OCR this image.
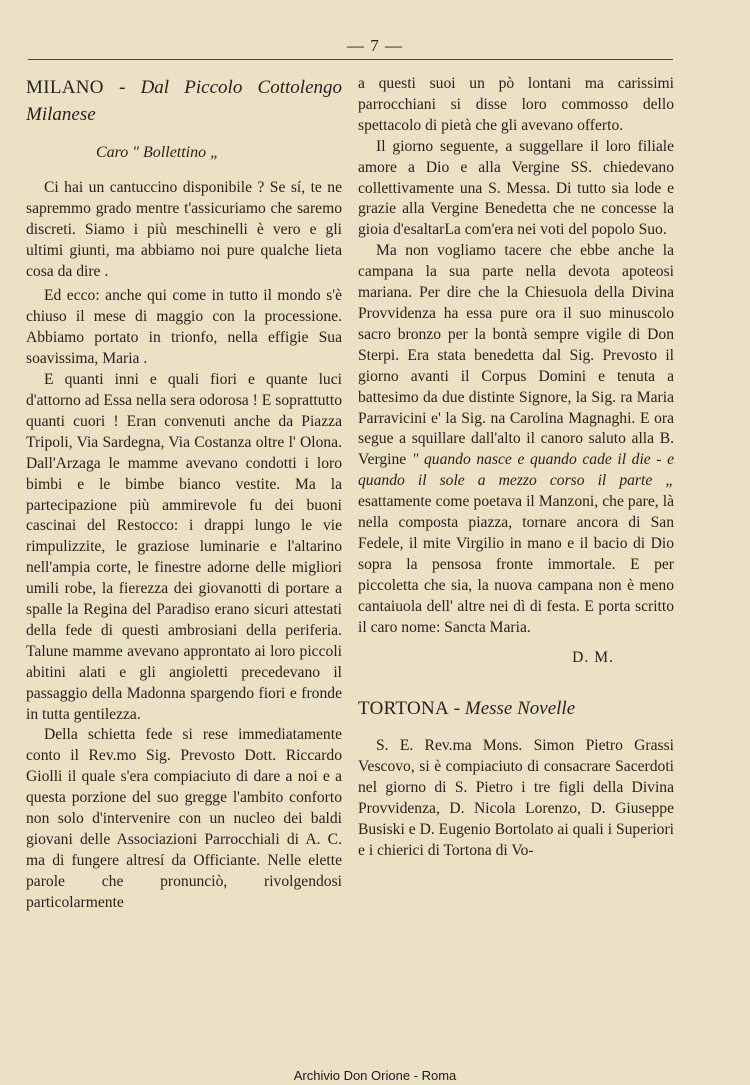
— 7 —

MILANO - Dal Piccolo Cottolengo Milanese

Caro " Bollettino „

Ci hai un cantuccino disponibile ? Se sí, te ne sapremmo grado mentre t'assicuriamo che saremo discreti. Siamo i più meschinelli è vero e gli ultimi giunti, ma abbiamo noi pure qualche lieta cosa da dire .

Ed ecco: anche qui come in tutto il mondo s'è chiuso il mese di maggio con la processione. Abbiamo portato in trionfo, nella effigie Sua soavissima, Maria .

E quanti inni e quali fiori e quante luci d'attorno ad Essa nella sera odorosa ! E soprattutto quanti cuori ! Eran convenuti anche da Piazza Tripoli, Via Sardegna, Via Costanza oltre l' Olona. Dall'Arzaga le mamme avevano condotti i loro bimbi e le bimbe bianco vestite. Ma la partecipazione più ammirevole fu dei buoni cascinai del Restocco: i drappi lungo le vie rimpulizzite, le graziose luminarie e l'altarino nell'ampia corte, le finestre adorne delle migliori umili robe, la fierezza dei giovanotti di portare a spalle la Regina del Paradiso erano sicuri attestati della fede di questi ambrosiani della periferia. Talune mamme avevano approntato ai loro piccoli abitini alati e gli angioletti precedevano il passaggio della Madonna spargendo fiori e fronde in tutta gentilezza.

Della schietta fede si rese immediatamente conto il Rev.mo Sig. Prevosto Dott. Riccardo Giolli il quale s'era compiaciuto di dare a noi e a questa porzione del suo gregge l'ambito conforto non solo d'intervenire con un nucleo dei baldi giovani delle Associazioni Parrocchiali di A. C. ma di fungere altresí da Officiante. Nelle elette parole che pronunciò, rivolgendosi particolarmente

a questi suoi un pò lontani ma carissimi parrocchiani si disse loro commosso dello spettacolo di pietà che gli avevano offerto.

Il giorno seguente, a suggellare il loro filiale amore a Dio e alla Vergine SS. chiedevano collettivamente una S. Messa. Di tutto sia lode e grazie alla Vergine Benedetta che ne concesse la gioia d'esaltarLa com'era nei voti del popolo Suo.

Ma non vogliamo tacere che ebbe anche la campana la sua parte nella devota apoteosi mariana. Per dire che la Chiesuola della Divina Provvidenza ha essa pure ora il suo minuscolo sacro bronzo per la bontà sempre vigile di Don Sterpi. Era stata benedetta dal Sig. Prevosto il giorno avanti il Corpus Domini e tenuta a battesimo da due distinte Signore, la Sig. ra Maria Parravicini e' la Sig. na Carolina Magnaghi. E ora segue a squillare dall'alto il canoro saluto alla B. Vergine " quando nasce e quando cade il die - e quando il sole a mezzo corso il parte „ esattamente come poetava il Manzoni, che pare, là nella composta piazza, tornare ancora di San Fedele, il mite Virgilio in mano e il bacio di Dio sopra la pensosa fronte immortale. E per piccoletta che sia, la nuova campana non è meno cantaiuola dell' altre nei dì di festa. E porta scritto il caro nome: Sancta Maria.

D. M.

TORTONA - Messe Novelle

S. E. Rev.ma Mons. Simon Pietro Grassi Vescovo, si è compiaciuto di consacrare Sacerdoti nel giorno di S. Pietro i tre figli della Divina Provvidenza, D. Nicola Lorenzo, D. Giuseppe Busiski e D. Eugenio Bortolato ai quali i Superiori e i chierici di Tortona di Vo-

Archivio Don Orione - Roma
